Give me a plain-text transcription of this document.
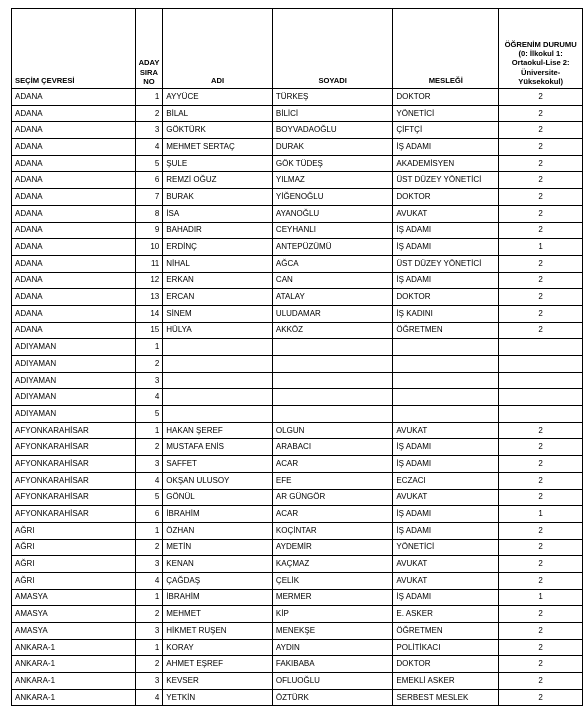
SEÇİM ÇEVRESİ	ADAY SIRA NO	ADI	SOYADI	MESLEĞİ	ÖĞRENİM DURUMU (0: İlkokul 1: Ortaokul-Lise 2: Üniversite-Yüksekokul)
ADANA	1	AYYÜCE	TÜRKEŞ	DOKTOR	2
ADANA	2	BİLAL	BİLİCİ	YÖNETİCİ	2
ADANA	3	GÖKTÜRK	BOYVADAOĞLU	ÇİFTÇİ	2
ADANA	4	MEHMET SERTAÇ	DURAK	İŞ ADAMI	2
ADANA	5	ŞULE	GÖK TÜDEŞ	AKADEMİSYEN	2
ADANA	6	REMZİ OĞUZ	YILMAZ	ÜST DÜZEY YÖNETİCİ	2
ADANA	7	BURAK	YİĞENOĞLU	DOKTOR	2
ADANA	8	İSA	AYANOĞLU	AVUKAT	2
ADANA	9	BAHADIR	CEYHANLI	İŞ ADAMI	2
ADANA	10	ERDİNÇ	ANTEPÜZÜMÜ	İŞ ADAMI	1
ADANA	11	NİHAL	AĞCA	ÜST DÜZEY YÖNETİCİ	2
ADANA	12	ERKAN	CAN	İŞ ADAMI	2
ADANA	13	ERCAN	ATALAY	DOKTOR	2
ADANA	14	SİNEM	ULUDAMAR	İŞ KADINI	2
ADANA	15	HÜLYA	AKKÖZ	ÖĞRETMEN	2
ADIYAMAN	1				
ADIYAMAN	2				
ADIYAMAN	3				
ADIYAMAN	4				
ADIYAMAN	5				
AFYONKARAHİSAR	1	HAKAN ŞEREF	OLGUN	AVUKAT	2
AFYONKARAHİSAR	2	MUSTAFA ENİS	ARABACI	İŞ ADAMI	2
AFYONKARAHİSAR	3	SAFFET	ACAR	İŞ ADAMI	2
AFYONKARAHİSAR	4	OKŞAN ULUSOY	EFE	ECZACI	2
AFYONKARAHİSAR	5	GÖNÜL	AR GÜNGÖR	AVUKAT	2
AFYONKARAHİSAR	6	İBRAHİM	ACAR	İŞ ADAMI	1
AĞRI	1	ÖZHAN	KOÇİNTAR	İŞ ADAMI	2
AĞRI	2	METİN	AYDEMİR	YÖNETİCİ	2
AĞRI	3	KENAN	KAÇMAZ	AVUKAT	2
AĞRI	4	ÇAĞDAŞ	ÇELİK	AVUKAT	2
AMASYA	1	İBRAHİM	MERMER	İŞ ADAMI	1
AMASYA	2	MEHMET	KİP	E. ASKER	2
AMASYA	3	HİKMET RUŞEN	MENEKŞE	ÖĞRETMEN	2
ANKARA-1	1	KORAY	AYDIN	POLİTİKACI	2
ANKARA-1	2	AHMET EŞREF	FAKIBABA	DOKTOR	2
ANKARA-1	3	KEVSER	OFLUOĞLU	EMEKLİ ASKER	2
ANKARA-1	4	YETKİN	ÖZTÜRK	SERBEST MESLEK	2
